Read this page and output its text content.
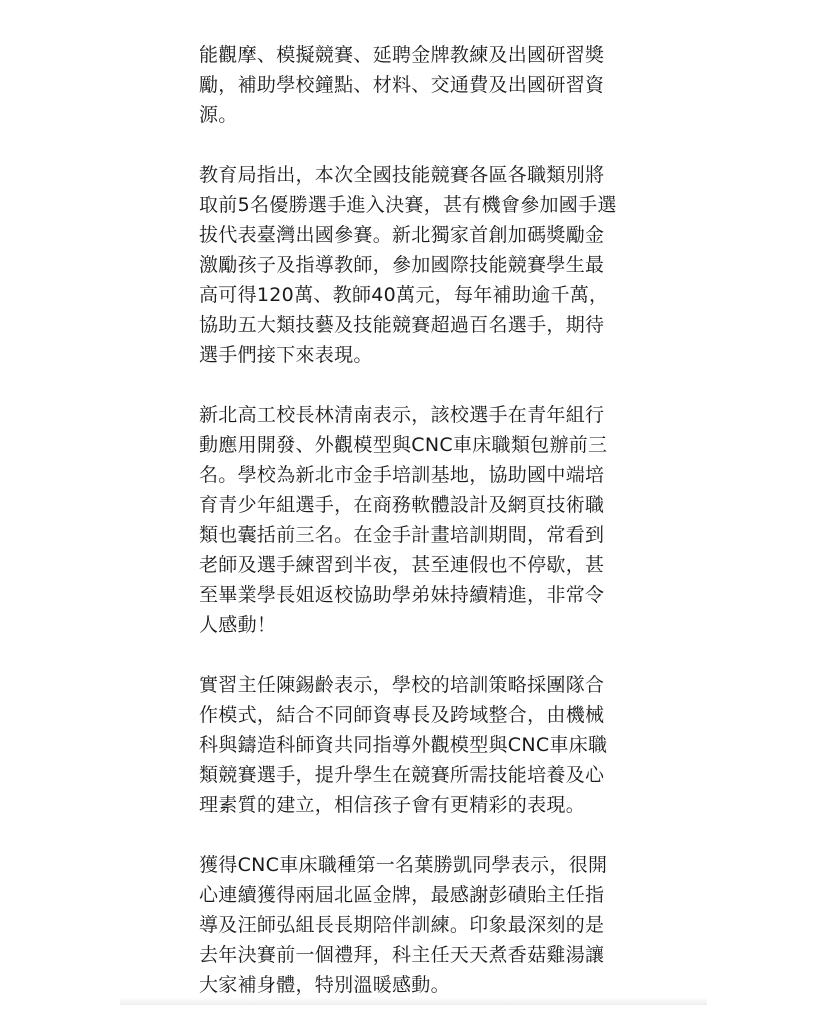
能觀摩、模擬競賽、延聘金牌教練及出國研習獎勵，補助學校鐘點、材料、交通費及出國研習資源。

教育局指出，本次全國技能競賽各區各職類別將取前5名優勝選手進入決賽，甚有機會參加國手選拔代表臺灣出國參賽。新北獨家首創加碼獎勵金激勵孩子及指導教師，參加國際技能競賽學生最高可得120萬、教師40萬元，每年補助逾千萬，協助五大類技藝及技能競賽超過百名選手，期待選手們接下來表現。

新北高工校長林清南表示，該校選手在青年組行動應用開發、外觀模型與CNC車床職類包辦前三名。學校為新北市金手培訓基地，協助國中端培育青少年組選手，在商務軟體設計及網頁技術職類也囊括前三名。在金手計畫培訓期間，常看到老師及選手練習到半夜，甚至連假也不停歇，甚至畢業學長姐返校協助學弟妹持續精進，非常令人感動！

實習主任陳錫齡表示，學校的培訓策略採團隊合作模式，結合不同師資專長及跨域整合，由機械科與鑄造科師資共同指導外觀模型與CNC車床職類競賽選手，提升學生在競賽所需技能培養及心理素質的建立，相信孩子會有更精彩的表現。

獲得CNC車床職種第一名葉勝凱同學表示，很開心連續獲得兩屆北區金牌，最感謝彭磧貽主任指導及汪師弘組長長期陪伴訓練。印象最深刻的是去年決賽前一個禮拜，科主任天天煮香菇雞湯讓大家補身體，特別溫暖感動。
